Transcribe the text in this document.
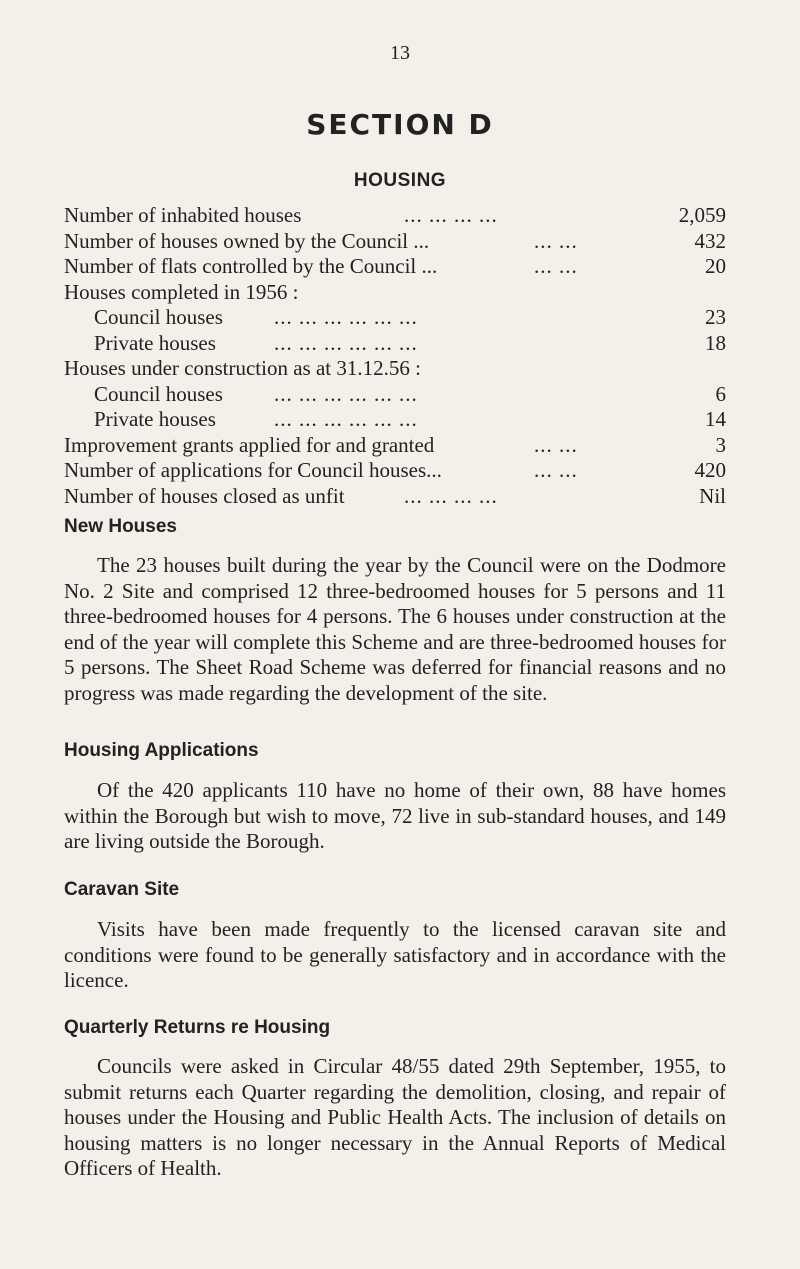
13
SECTION D
HOUSING
Number of inhabited houses	... ... ... ...	2,059
Number of houses owned by the Council ...	... ...	432
Number of flats controlled by the Council ...	... ...	20
Houses completed in 1956 :
Council houses ... ... ... ... ... ...	23
Private houses	... ... ... ... ... ...	18
Houses under construction as at 31.12.56 :
Council houses ... ... ... ... ... ...	6
Private houses	... ... ... ... ... ...	14
Improvement grants applied for and granted	... ...	3
Number of applications for Council houses...	... ...	420
Number of houses closed as unfit	... ... ... ...	Nil
New Houses
The 23 houses built during the year by the Council were on the Dodmore No. 2 Site and comprised 12 three-bedroomed houses for 5 persons and 11 three-bedroomed houses for 4 persons. The 6 houses under construction at the end of the year will complete this Scheme and are three-bedroomed houses for 5 persons. The Sheet Road Scheme was deferred for financial reasons and no progress was made regarding the development of the site.
Housing Applications
Of the 420 applicants 110 have no home of their own, 88 have homes within the Borough but wish to move, 72 live in sub-standard houses, and 149 are living outside the Borough.
Caravan Site
Visits have been made frequently to the licensed caravan site and conditions were found to be generally satisfactory and in accordance with the licence.
Quarterly Returns re Housing
Councils were asked in Circular 48/55 dated 29th September, 1955, to submit returns each Quarter regarding the demolition, closing, and repair of houses under the Housing and Public Health Acts. The inclusion of details on housing matters is no longer necessary in the Annual Reports of Medical Officers of Health.
